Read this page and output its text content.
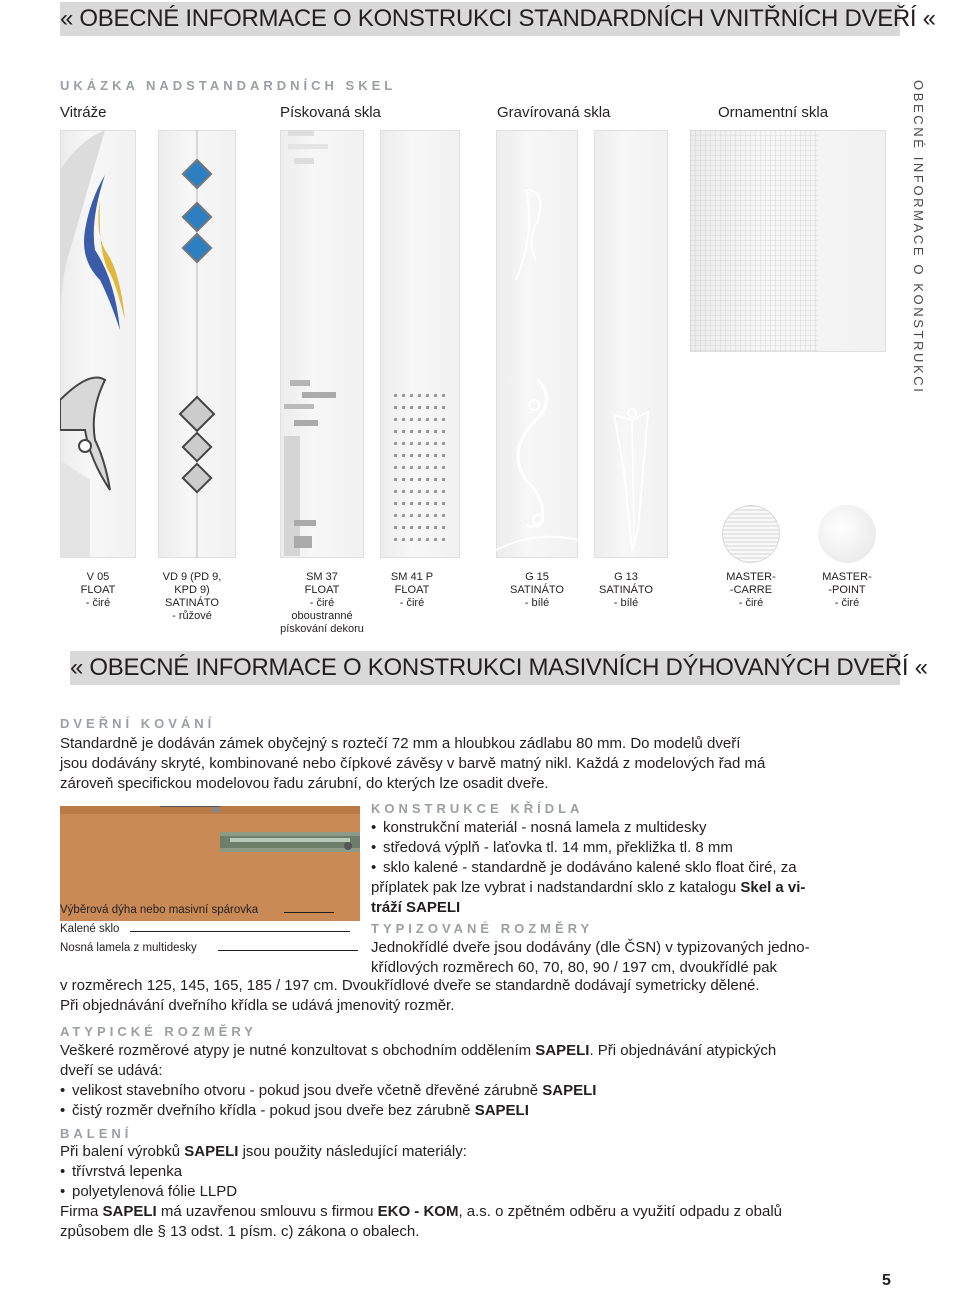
« OBECNÉ INFORMACE O KONSTRUKCI STANDARDNÍCH VNITŘNÍCH DVEŘÍ «
OBECNÉ INFORMACE O KONSTRUKCI
UKÁZKA NADSTANDARDNÍCH SKEL
Vitráže	Pískovaná skla	Gravírovaná skla	Ornamentní skla
V 05
FLOAT
- čiré
VD 9 (PD 9,
KPD 9)
SATINÁTO
- růžové
SM 37
FLOAT
- čiré
oboustranné
pískování dekoru
SM 41 P
FLOAT
- čiré
G 15
SATINÁTO
- bílé
G 13
SATINÁTO
- bílé
MASTER-
-CARRE
- čiré
MASTER-
-POINT
- čiré
« OBECNÉ INFORMACE O KONSTRUKCI MASIVNÍCH DÝHOVANÝCH DVEŘÍ «
DVEŘNÍ KOVÁNÍ
Standardně je dodáván zámek obyčejný s roztečí 72 mm a hloubkou zádlabu 80 mm. Do modelů dveří
jsou dodávány skryté, kombinované nebo čípkové závěsy v barvě matný nikl. Každá z modelových řad má
zároveň specifickou modelovou řadu zárubní, do kterých lze osadit dveře.
Výběrová dýha nebo masivní spárovka
Kalené sklo
Nosná lamela z multidesky
KONSTRUKCE KŘÍDLA
• konstrukční materiál - nosná lamela z multidesky
• středová výplň - laťovka tl. 14 mm, překližka tl. 8 mm
• sklo kalené - standardně je dodáváno kalené sklo float čiré, za
příplatek pak lze vybrat i nadstandardní sklo z katalogu Skel a vi-
tráží SAPELI
TYPIZOVANÉ ROZMĚRY
Jednokřídlé dveře jsou dodávány (dle ČSN) v typizovaných jedno-
křídlových rozměrech 60, 70, 80, 90 / 197 cm, dvoukřídlé pak
v rozměrech 125, 145, 165, 185 / 197 cm. Dvoukřídlové dveře se standardně dodávají symetricky dělené.
Při objednávání dveřního křídla se udává jmenovitý rozměr.
ATYPICKÉ ROZMĚRY
Veškeré rozměrové atypy je nutné konzultovat s obchodním oddělením SAPELI. Při objednávání atypických
dveří se udává:
• velikost stavebního otvoru - pokud jsou dveře včetně dřevěné zárubně SAPELI
• čistý rozměr dveřního křídla - pokud jsou dveře bez zárubně SAPELI
BALENÍ
Při balení výrobků SAPELI jsou použity následující materiály:
• třívrstvá lepenka
• polyetylenová fólie LLPD
Firma SAPELI má uzavřenou smlouvu s firmou EKO - KOM, a.s. o zpětném odběru a využití odpadu z obalů
způsobem dle § 13 odst. 1 písm. c) zákona o obalech.
5
